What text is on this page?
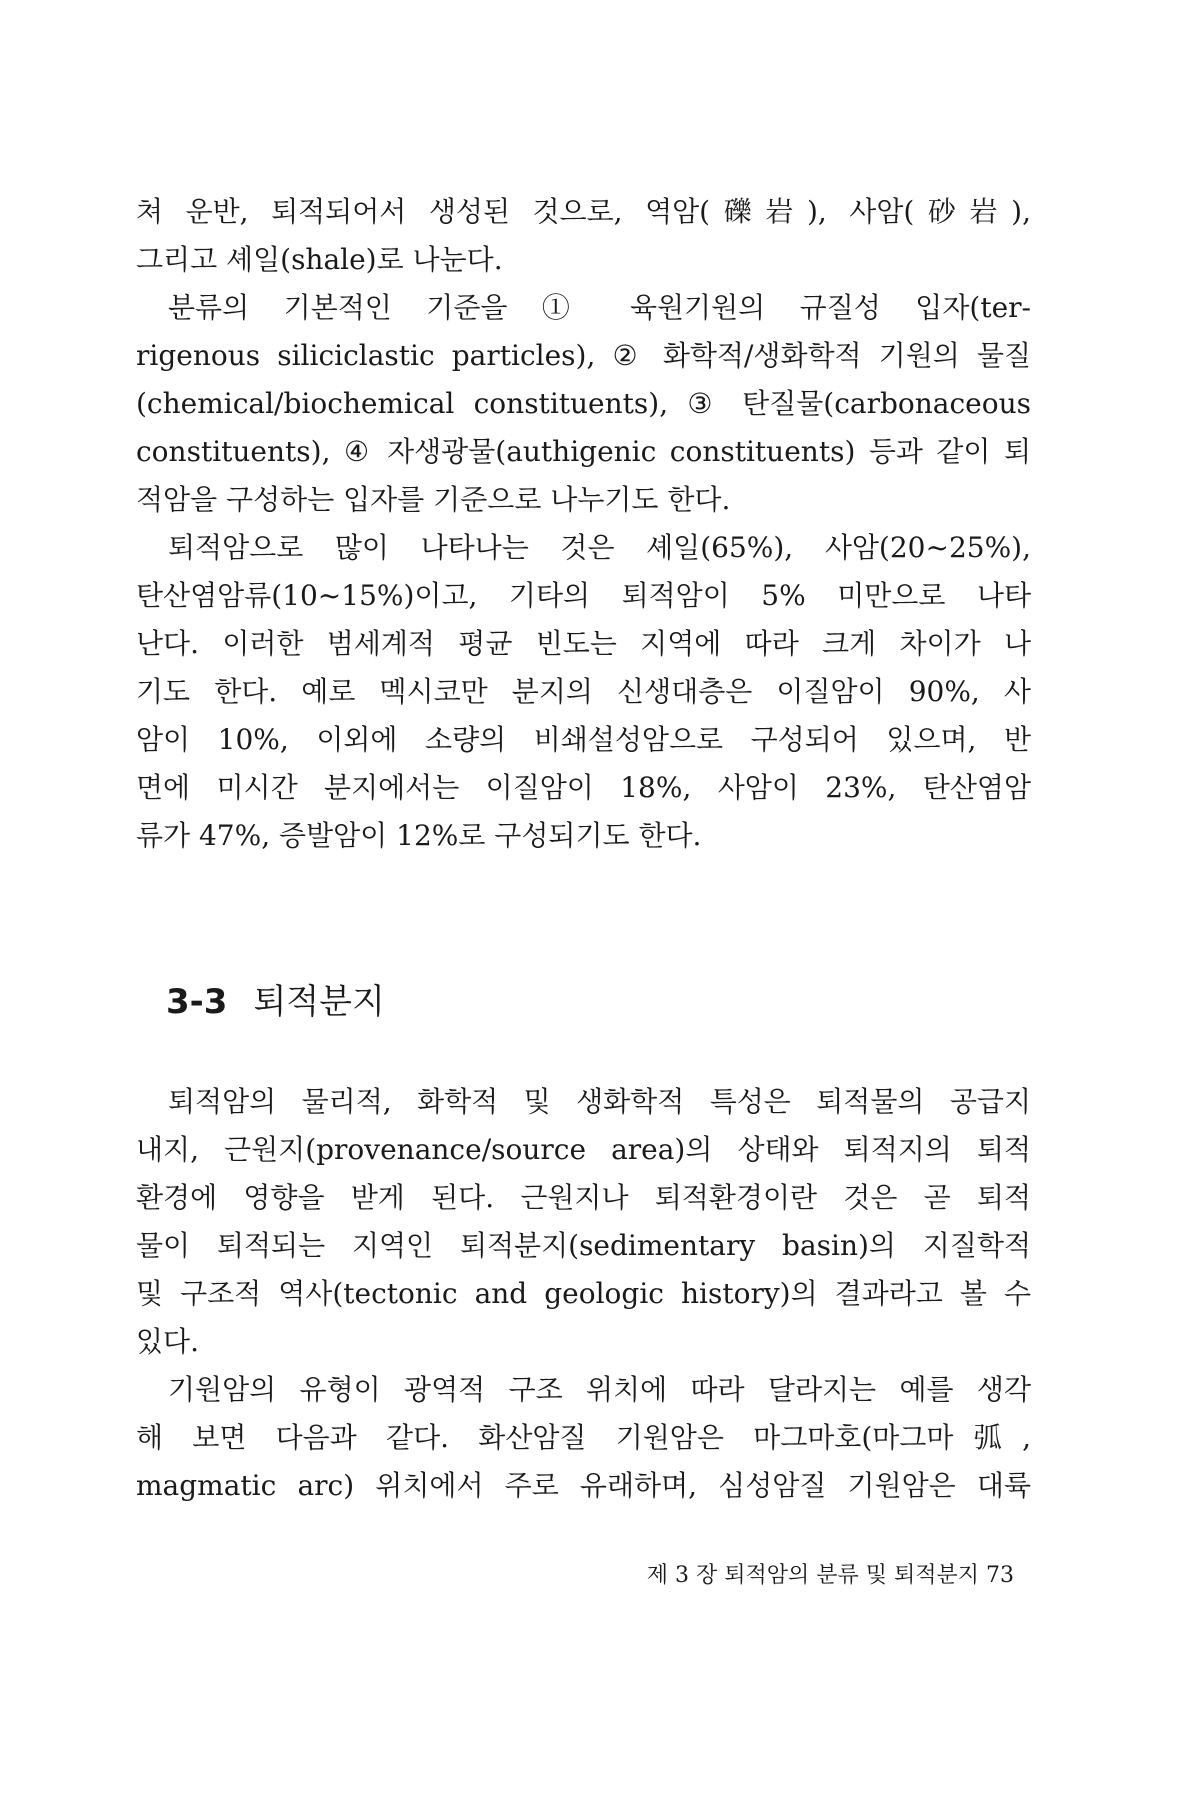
쳐 운반, 퇴적되어서 생성된 것으로, 역암(礫岩), 사암(砂岩),
그리고 셰일(shale)로 나눈다.
분류의 기본적인 기준을 ① 육원기원의 규질성 입자(ter-
rigenous siliciclastic particles), ② 화학적/생화학적 기원의 물질
(chemical/biochemical constituents), ③ 탄질물(carbonaceous
constituents), ④ 자생광물(authigenic constituents) 등과 같이 퇴
적암을 구성하는 입자를 기준으로 나누기도 한다.
퇴적암으로 많이 나타나는 것은 셰일(65%), 사암(20~25%),
탄산염암류(10~15%)이고, 기타의 퇴적암이 5% 미만으로 나타
난다. 이러한 범세계적 평균 빈도는 지역에 따라 크게 차이가 나
기도 한다. 예로 멕시코만 분지의 신생대층은 이질암이 90%, 사
암이 10%, 이외에 소량의 비쇄설성암으로 구성되어 있으며, 반
면에 미시간 분지에서는 이질암이 18%, 사암이 23%, 탄산염암
류가 47%, 증발암이 12%로 구성되기도 한다.
3-3 퇴적분지
퇴적암의 물리적, 화학적 및 생화학적 특성은 퇴적물의 공급지
내지, 근원지(provenance/source area)의 상태와 퇴적지의 퇴적
환경에 영향을 받게 된다. 근원지나 퇴적환경이란 것은 곧 퇴적
물이 퇴적되는 지역인 퇴적분지(sedimentary basin)의 지질학적
및 구조적 역사(tectonic and geologic history)의 결과라고 볼 수
있다.
기원암의 유형이 광역적 구조 위치에 따라 달라지는 예를 생각
해 보면 다음과 같다. 화산암질 기원암은 마그마호(마그마弧,
magmatic arc) 위치에서 주로 유래하며, 심성암질 기원암은 대륙
제 3 장 퇴적암의 분류 및 퇴적분지 73
